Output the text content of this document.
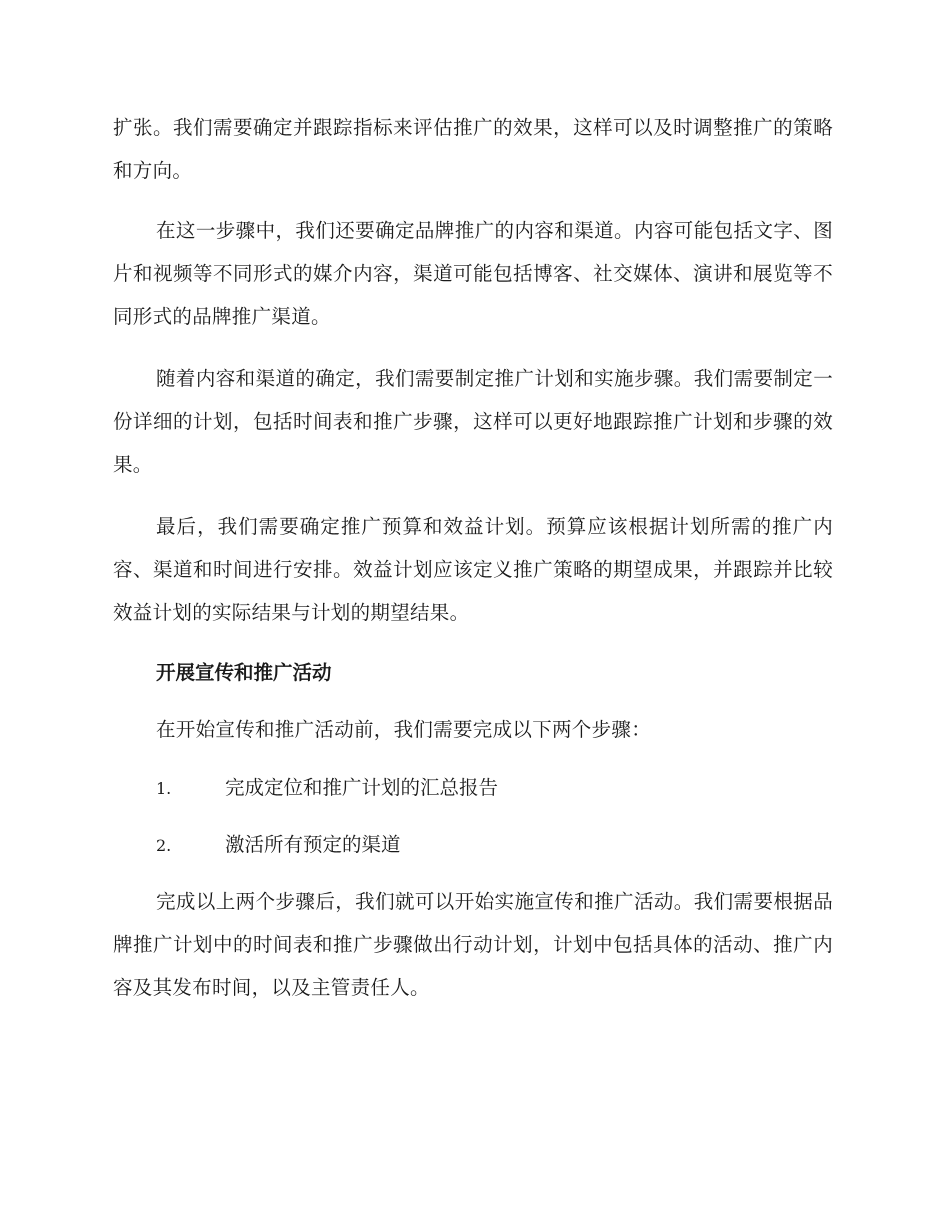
扩张。我们需要确定并跟踪指标来评估推广的效果，这样可以及时调整推广的策略和方向。

在这一步骤中，我们还要确定品牌推广的内容和渠道。内容可能包括文字、图片和视频等不同形式的媒介内容，渠道可能包括博客、社交媒体、演讲和展览等不同形式的品牌推广渠道。

随着内容和渠道的确定，我们需要制定推广计划和实施步骤。我们需要制定一份详细的计划，包括时间表和推广步骤，这样可以更好地跟踪推广计划和步骤的效果。

最后，我们需要确定推广预算和效益计划。预算应该根据计划所需的推广内容、渠道和时间进行安排。效益计划应该定义推广策略的期望成果，并跟踪并比较效益计划的实际结果与计划的期望结果。

开展宣传和推广活动

在开始宣传和推广活动前，我们需要完成以下两个步骤：

1.	完成定位和推广计划的汇总报告
2.	激活所有预定的渠道

完成以上两个步骤后，我们就可以开始实施宣传和推广活动。我们需要根据品牌推广计划中的时间表和推广步骤做出行动计划，计划中包括具体的活动、推广内容及其发布时间，以及主管责任人。
